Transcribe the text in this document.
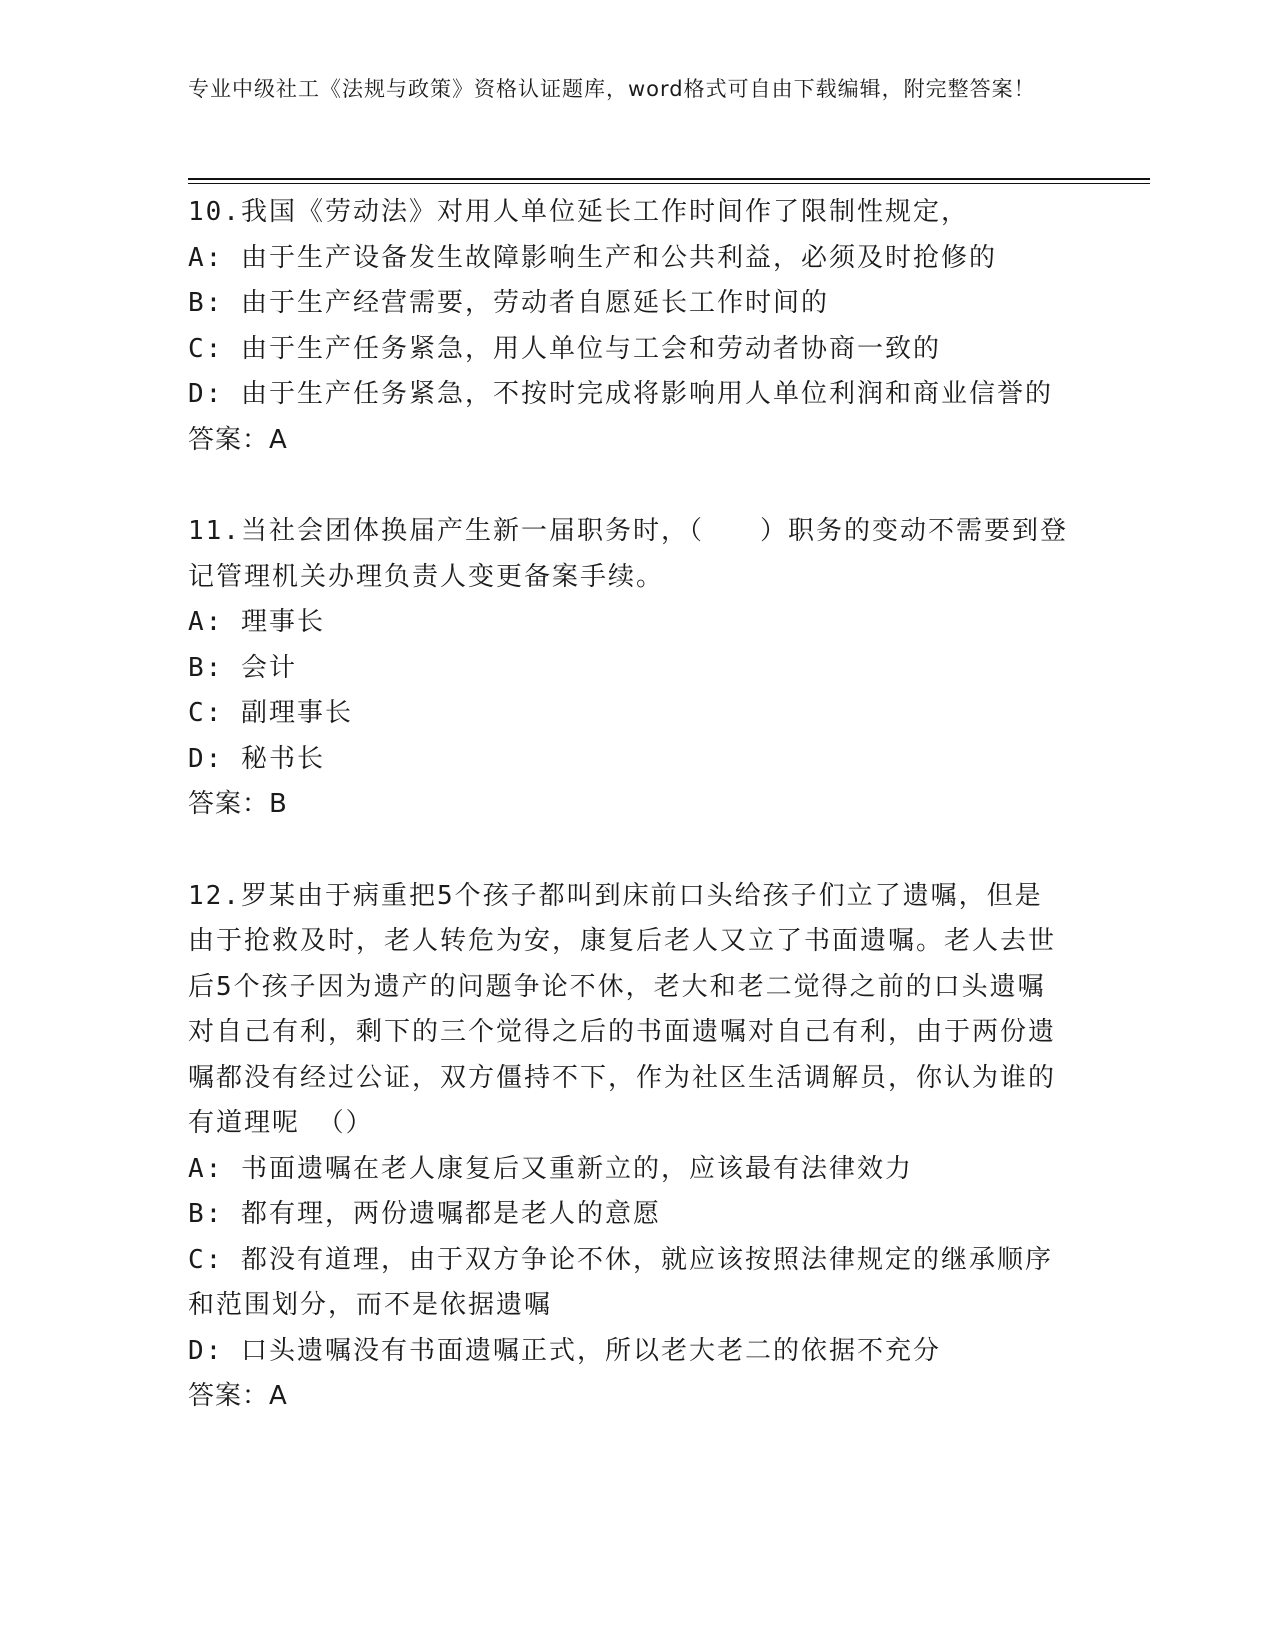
专业中级社工《法规与政策》资格认证题库，word格式可自由下载编辑，附完整答案！
10.我国《劳动法》对用人单位延长工作时间作了限制性规定，
A: 由于生产设备发生故障影响生产和公共利益，必须及时抢修的
B: 由于生产经营需要，劳动者自愿延长工作时间的
C: 由于生产任务紧急，用人单位与工会和劳动者协商一致的
D: 由于生产任务紧急，不按时完成将影响用人单位利润和商业信誉的
答案：A
11.当社会团体换届产生新一届职务时，（　　）职务的变动不需要到登记管理机关办理负责人变更备案手续。
A: 理事长
B: 会计
C: 副理事长
D: 秘书长
答案：B
12.罗某由于病重把5个孩子都叫到床前口头给孩子们立了遗嘱，但是由于抢救及时，老人转危为安，康复后老人又立了书面遗嘱。老人去世后5个孩子因为遗产的问题争论不休，老大和老二觉得之前的口头遗嘱对自己有利，剩下的三个觉得之后的书面遗嘱对自己有利，由于两份遗嘱都没有经过公证，双方僵持不下，作为社区生活调解员，你认为谁的有道理呢 （）
A: 书面遗嘱在老人康复后又重新立的，应该最有法律效力
B: 都有理，两份遗嘱都是老人的意愿
C: 都没有道理，由于双方争论不休，就应该按照法律规定的继承顺序和范围划分，而不是依据遗嘱
D: 口头遗嘱没有书面遗嘱正式，所以老大老二的依据不充分
答案：A
